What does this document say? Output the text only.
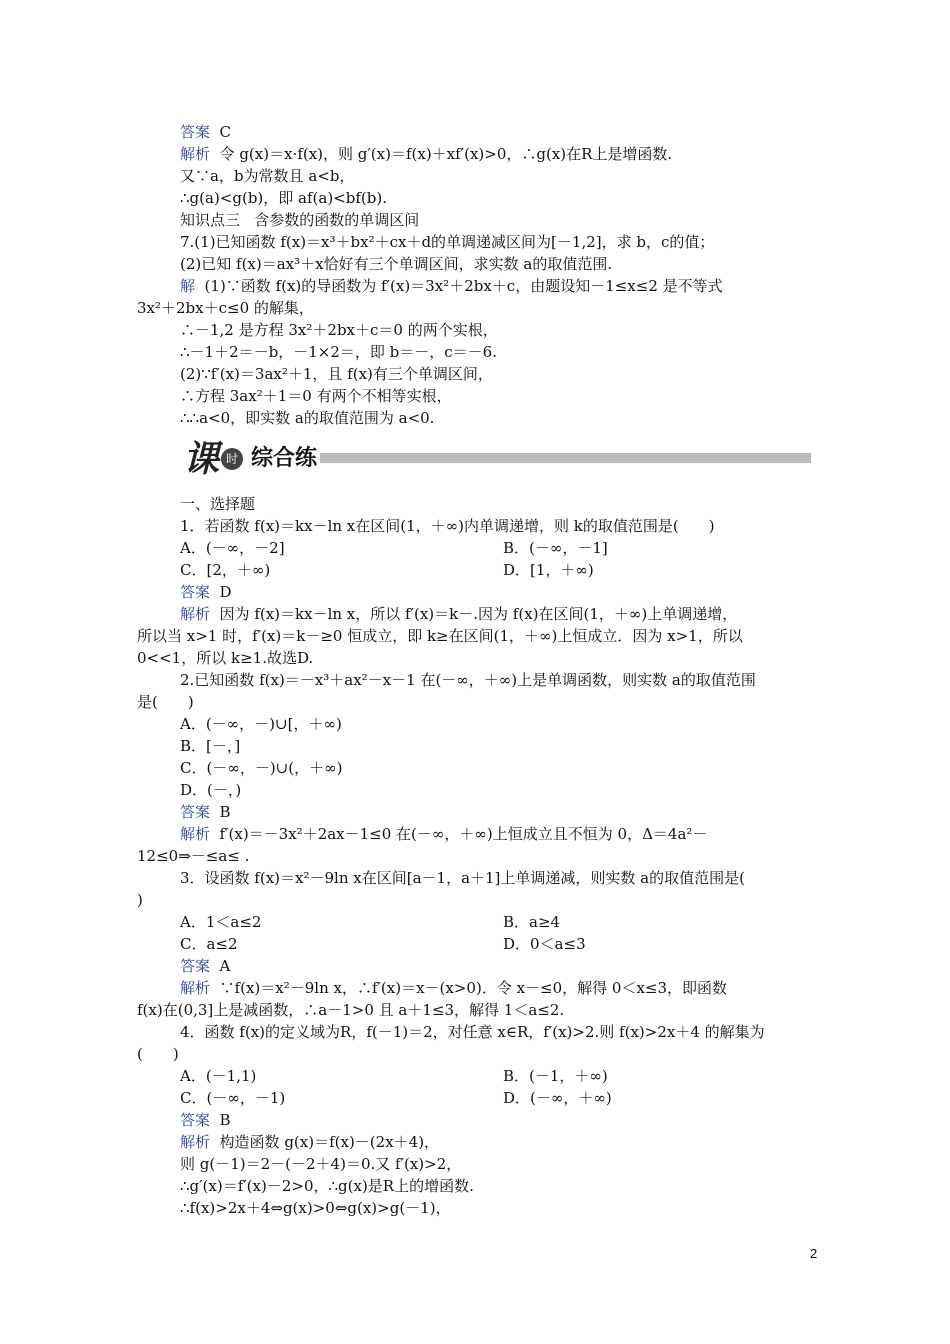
答案  C
解析  令 g(x)＝x·f(x)，则 g′(x)＝f(x)＋xf′(x)>0，∴g(x)在R上是增函数.
又∵a，b为常数且 a<b，
∴g(a)<g(b)，即 af(a)<bf(b).
知识点三   含参数的函数的单调区间
7.(1)已知函数 f(x)＝x³＋bx²＋cx＋d的单调递减区间为[－1,2]，求 b，c的值；
(2)已知 f(x)＝ax³＋x恰好有三个单调区间，求实数 a的取值范围.
解  (1)∵函数 f(x)的导函数为 f′(x)＝3x²＋2bx＋c，由题设知－1≤x≤2 是不等式
3x²＋2bx＋c≤0 的解集，
∴－1,2 是方程 3x²＋2bx＋c＝0 的两个实根，
∴－1＋2＝－b，－1×2＝，即 b＝－，c＝－6.
(2)∵f′(x)＝3ax²＋1，且 f(x)有三个单调区间，
∴方程 3ax²＋1＝0 有两个不相等实根，
∴∴a<0，即实数 a的取值范围为 a<0.
课 时 综合练
一、选择题
1．若函数 f(x)＝kx－ln x在区间(1，＋∞)内单调递增，则 k的取值范围是(　　)
A．(－∞，－2]	B．(－∞，－1]
C．[2，＋∞)	D．[1，＋∞)
答案  D
解析  因为 f(x)＝kx－ln x，所以 f′(x)＝k－.因为 f(x)在区间(1，＋∞)上单调递增，
所以当 x>1 时，f′(x)＝k－≥0 恒成立，即 k≥在区间(1，＋∞)上恒成立．因为 x>1，所以
0<<1，所以 k≥1.故选D.
2.已知函数 f(x)＝－x³＋ax²－x－1 在(－∞，＋∞)上是单调函数，则实数 a的取值范围
是(　　)
A．(－∞，－)∪[，＋∞)
B．[－，]
C．(－∞，－)∪(，＋∞)
D．(－，)
答案  B
解析  f′(x)＝－3x²＋2ax－1≤0 在(－∞，＋∞)上恒成立且不恒为 0，Δ＝4a²－
12≤0⇒－≤a≤ .
3．设函数 f(x)＝x²－9ln x在区间[a－1，a＋1]上单调递减，则实数 a的取值范围是(
)
A．1＜a≤2	B．a≥4
C．a≤2	D．0＜a≤3
答案  A
解析  ∵f(x)＝x²－9ln x，∴f′(x)＝x－(x>0)．令 x－≤0，解得 0＜x≤3，即函数
f(x)在(0,3]上是减函数，∴a－1>0 且 a＋1≤3，解得 1＜a≤2.
4．函数 f(x)的定义域为R，f(－1)＝2，对任意 x∈R，f′(x)>2.则 f(x)>2x＋4 的解集为
(　　)
A．(－1,1)	B．(－1，＋∞)
C．(－∞，－1)	D．(－∞，＋∞)
答案  B
解析  构造函数 g(x)＝f(x)－(2x＋4)，
则 g(－1)＝2－(－2＋4)＝0.又 f′(x)>2，
∴g′(x)＝f′(x)－2>0，∴g(x)是R上的增函数.
∴f(x)>2x＋4⇔g(x)>0⇔g(x)>g(－1)，
2
